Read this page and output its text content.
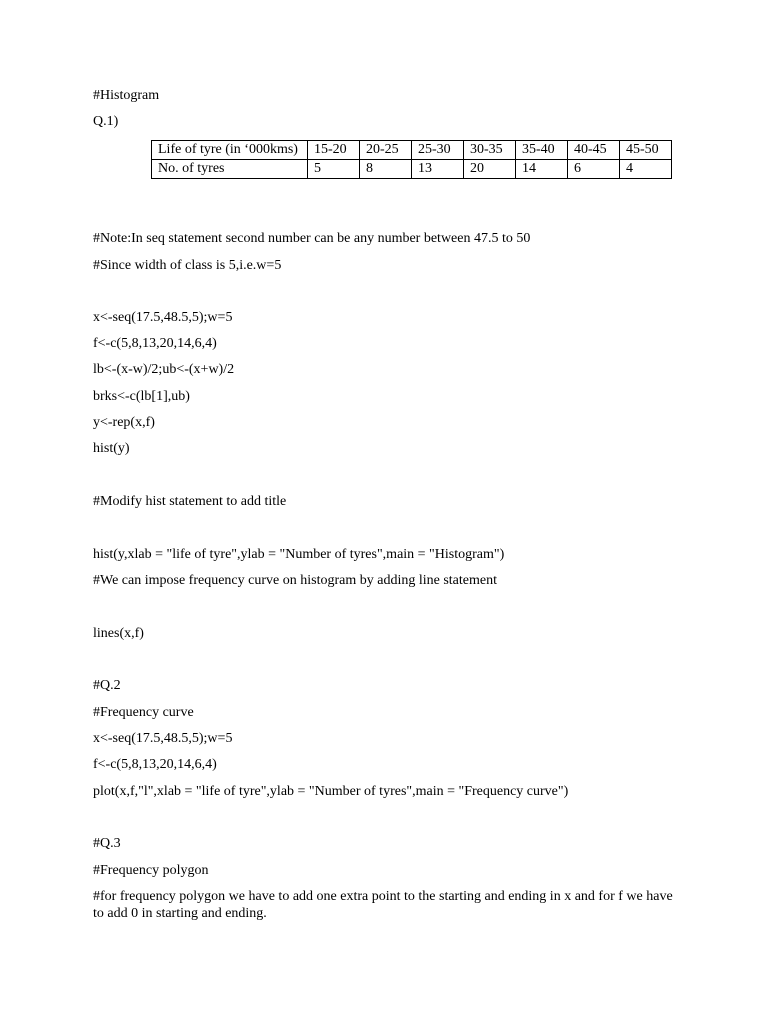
#Histogram
Q.1)
Life of tyre (in ‘000kms)	15-20	20-25	25-30	30-35	35-40	40-45	45-50
No. of tyres	5	8	13	20	14	6	4
#Note:In seq statement second number can be any number between 47.5 to 50
#Since width of class is 5,i.e.w=5
x<-seq(17.5,48.5,5);w=5
f<-c(5,8,13,20,14,6,4)
lb<-(x-w)/2;ub<-(x+w)/2
brks<-c(lb[1],ub)
y<-rep(x,f)
hist(y)
#Modify hist statement to add title
hist(y,xlab = "life of tyre",ylab = "Number of tyres",main = "Histogram")
#We can impose frequency curve on histogram by adding line statement
lines(x,f)
#Q.2
#Frequency curve
x<-seq(17.5,48.5,5);w=5
f<-c(5,8,13,20,14,6,4)
plot(x,f,"l",xlab = "life of tyre",ylab = "Number of tyres",main = "Frequency curve")
#Q.3
#Frequency polygon
#for frequency polygon we have to add one extra point to the starting and ending in x and for f we have to add 0 in starting and ending.
